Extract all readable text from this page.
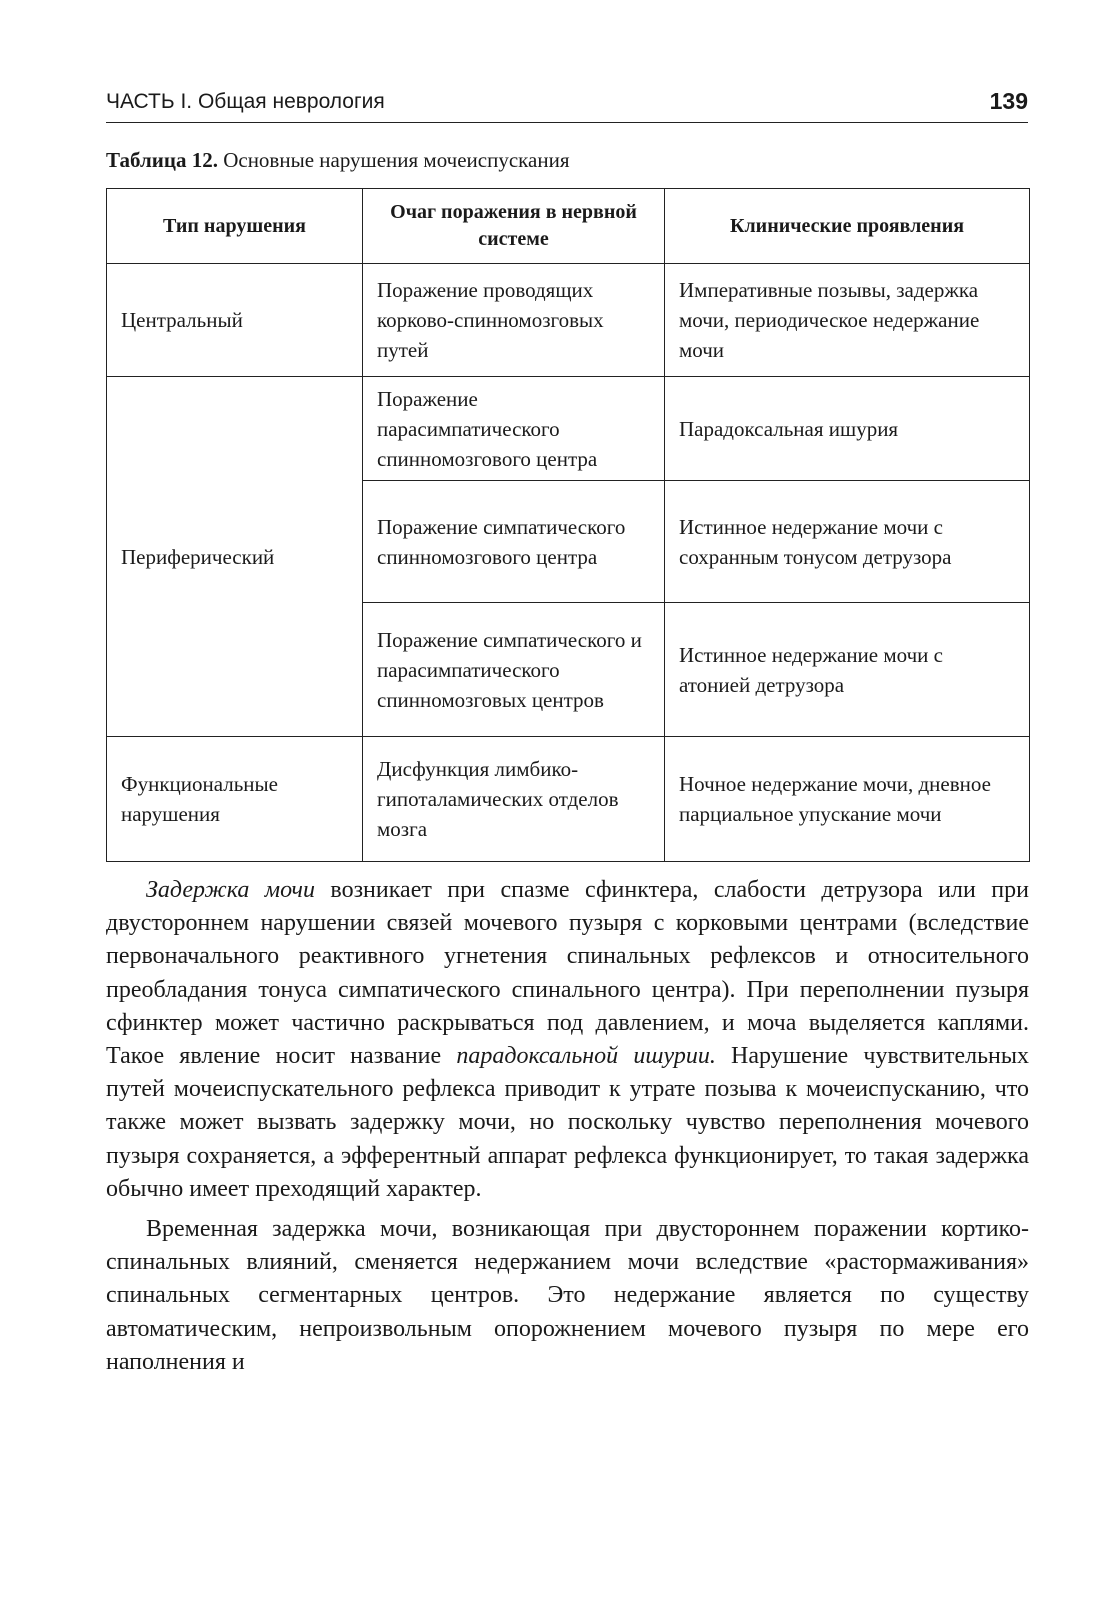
ЧАСТЬ I. Общая неврология	139
Таблица 12. Основные нарушения мочеиспускания
Тип нарушения	Очаг поражения в нервной системе	Клинические проявления
Центральный	Поражение проводящих корково-спинномозговых путей	Императивные позывы, задержка мочи, периодическое недержание мочи
Периферический	Поражение парасимпатического спинномозгового центра	Парадоксальная ишурия
	Поражение симпатического спинномозгового центра	Истинное недержание мочи с сохранным тонусом детрузора
	Поражение симпатического и парасимпатического спинномозговых центров	Истинное недержание мочи с атонией детрузора
Функциональные нарушения	Дисфункция лимбико-гипоталамических отделов мозга	Ночное недержание мочи, дневное парциальное упускание мочи

Задержка мочи возникает при спазме сфинктера, слабости детрузора или при двустороннем нарушении связей мочевого пузыря с корковыми центрами (вследствие первоначального реактивного угнетения спинальных рефлексов и относительного преобладания тонуса симпатического спинального центра). При переполнении пузыря сфинктер может частично раскрываться под давлением, и моча выделяется каплями. Такое явление носит название парадоксальной ишурии. Нарушение чувствительных путей мочеиспускательного рефлекса приводит к утрате позыва к мочеиспусканию, что также может вызвать задержку мочи, но поскольку чувство переполнения мочевого пузыря сохраняется, а эфферентный аппарат рефлекса функционирует, то такая задержка обычно имеет преходящий характер.

Временная задержка мочи, возникающая при двустороннем поражении кортико-спинальных влияний, сменяется недержанием мочи вследствие «растормаживания» спинальных сегментарных центров. Это недержание является по существу автоматическим, непроизвольным опорожнением мочевого пузыря по мере его наполнения и
